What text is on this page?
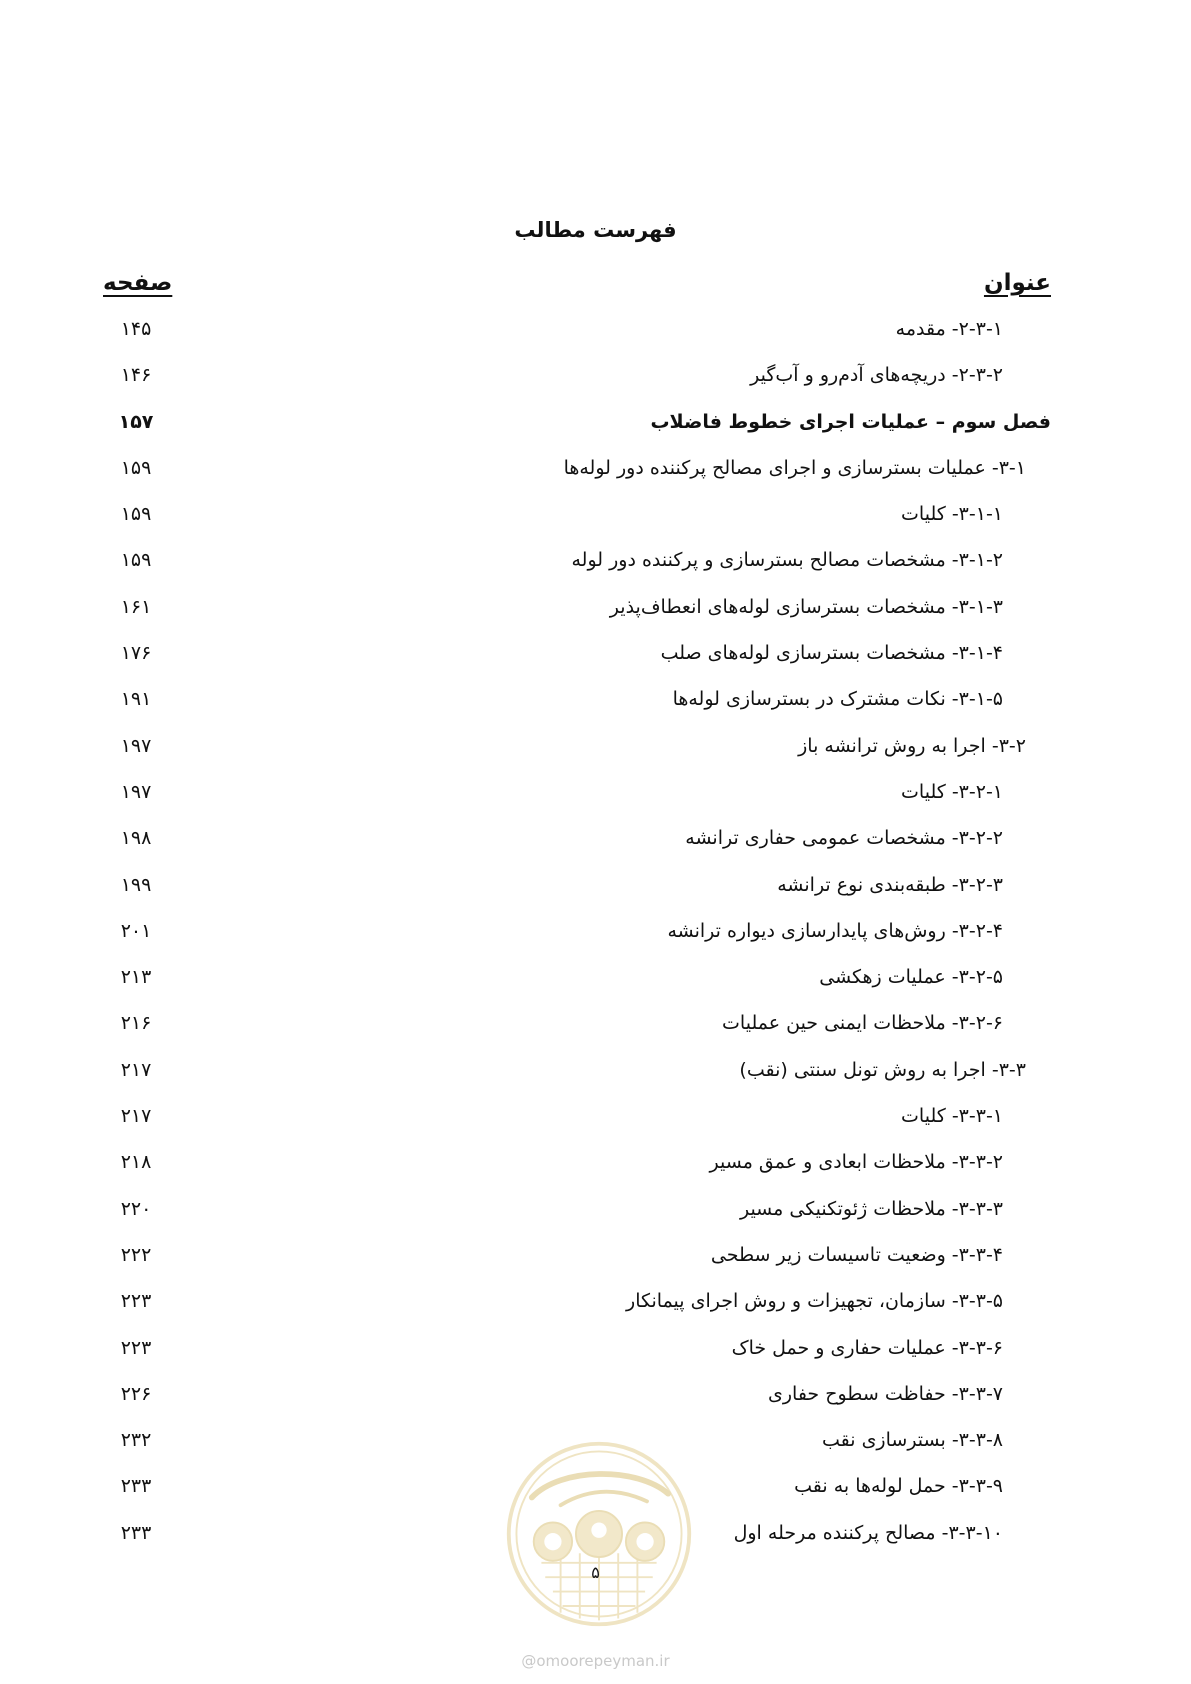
فهرست مطالب
عنوان
صفحه
۲-۳-۱- مقدمه
۱۴۵
۲-۳-۲- دریچه‌های آدم‌رو و آب‌گیر
۱۴۶
فصل سوم – عملیات اجرای خطوط فاضلاب
۱۵۷
۳-۱- عملیات بسترسازی و اجرای مصالح پرکننده دور لوله‌ها
۱۵۹
۳-۱-۱- کلیات
۱۵۹
۳-۱-۲- مشخصات مصالح بسترسازی و پرکننده دور لوله
۱۵۹
۳-۱-۳- مشخصات بسترسازی لوله‌های انعطاف‌پذیر
۱۶۱
۳-۱-۴- مشخصات بسترسازی لوله‌های صلب
۱۷۶
۳-۱-۵- نکات مشترک در بسترسازی لوله‌ها
۱۹۱
۳-۲- اجرا به روش ترانشه باز
۱۹۷
۳-۲-۱- کلیات
۱۹۷
۳-۲-۲- مشخصات عمومی حفاری ترانشه
۱۹۸
۳-۲-۳- طبقه‌بندی نوع ترانشه
۱۹۹
۳-۲-۴- روش‌های پایدارسازی دیواره ترانشه
۲۰۱
۳-۲-۵- عملیات زهکشی
۲۱۳
۳-۲-۶- ملاحظات ایمنی حین عملیات
۲۱۶
۳-۳- اجرا به روش تونل سنتی (نقب)
۲۱۷
۳-۳-۱- کلیات
۲۱۷
۳-۳-۲- ملاحظات ابعادی و عمق مسیر
۲۱۸
۳-۳-۳- ملاحظات ژئوتکنیکی مسیر
۲۲۰
۳-۳-۴- وضعیت تاسیسات زیر سطحی
۲۲۲
۳-۳-۵- سازمان، تجهیزات و روش اجرای پیمانکار
۲۲۳
۳-۳-۶- عملیات حفاری و حمل خاک
۲۲۳
۳-۳-۷- حفاظت سطوح حفاری
۲۲۶
۳-۳-۸- بسترسازی نقب
۲۳۲
۳-۳-۹- حمل لوله‌ها به نقب
۲۳۳
۳-۳-۱۰- مصالح پرکننده مرحله اول
۲۳۳
۵
@omoorepeyman.ir
